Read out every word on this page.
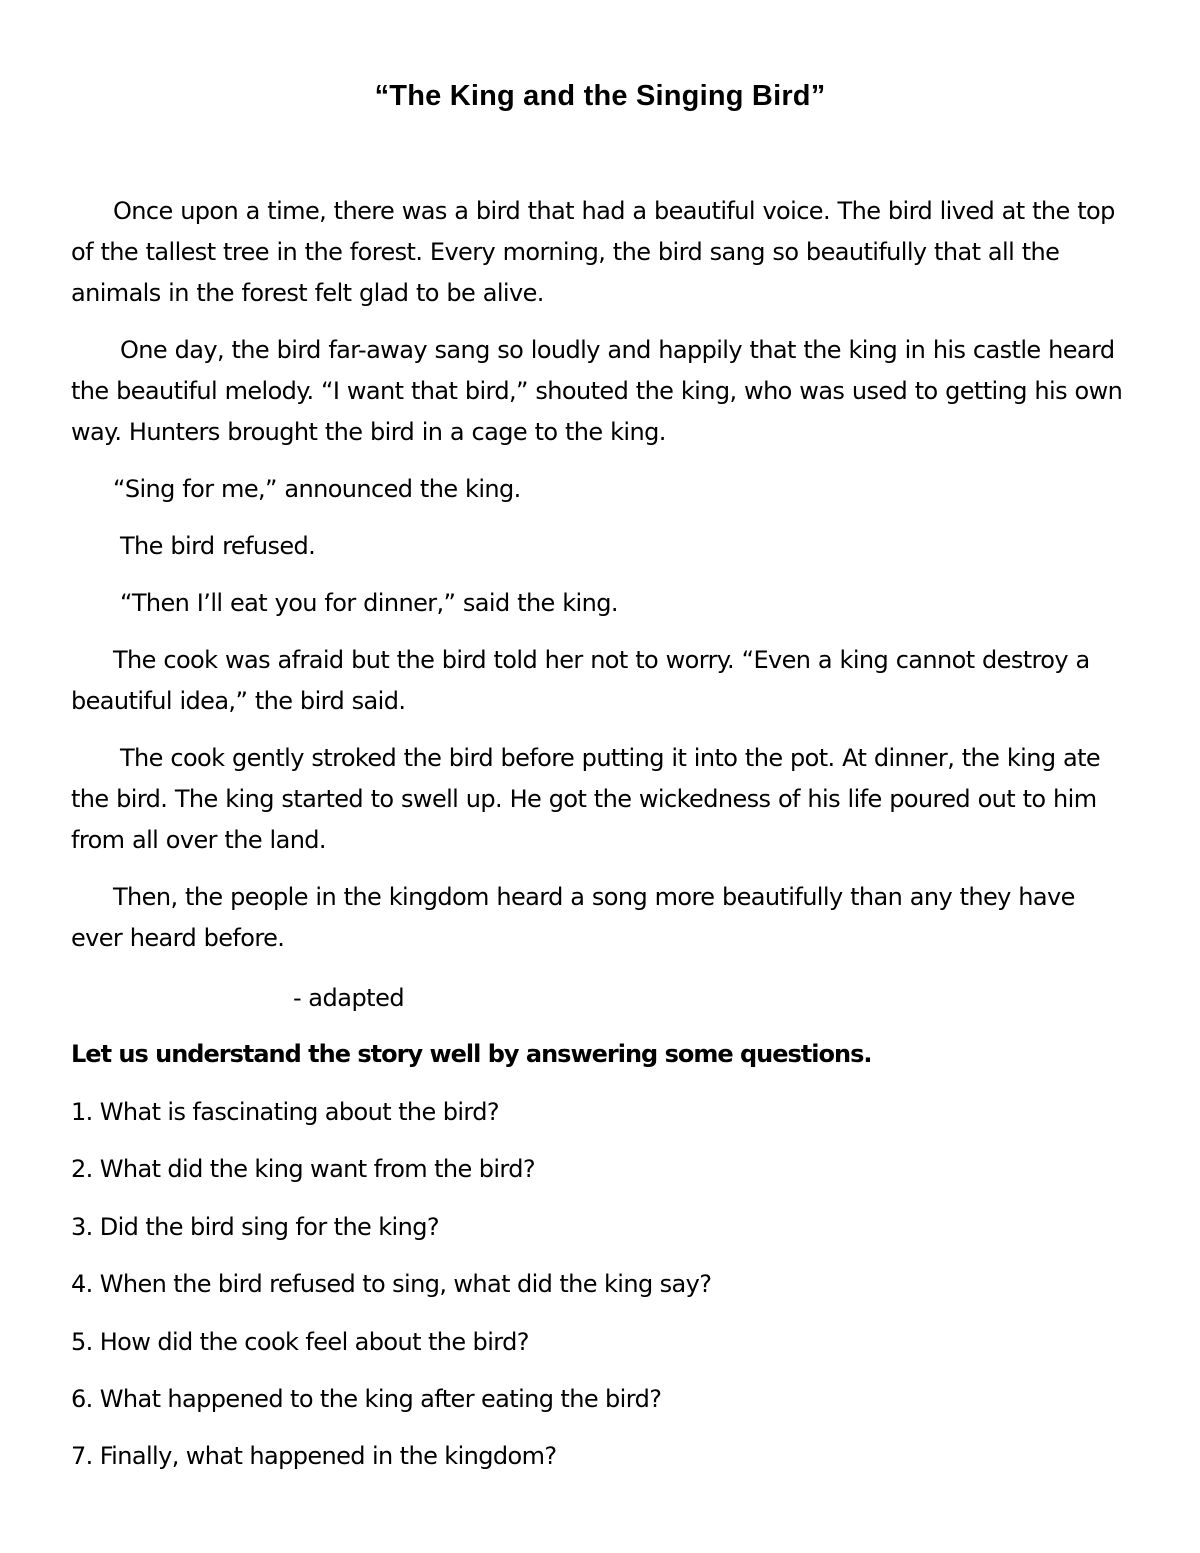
“The King and the Singing Bird”

Once upon a time, there was a bird that had a beautiful voice. The bird lived at the top of the tallest tree in the forest. Every morning, the bird sang so beautifully that all the animals in the forest felt glad to be alive.

One day, the bird far-away sang so loudly and happily that the king in his castle heard the beautiful melody. “I want that bird,” shouted the king, who was used to getting his own way. Hunters brought the bird in a cage to the king.

“Sing for me,” announced the king.

The bird refused.

“Then I’ll eat you for dinner,” said the king.

The cook was afraid but the bird told her not to worry. “Even a king cannot destroy a beautiful idea,” the bird said.

The cook gently stroked the bird before putting it into the pot. At dinner, the king ate the bird. The king started to swell up. He got the wickedness of his life poured out to him from all over the land.

Then, the people in the kingdom heard a song more beautifully than any they have ever heard before.

- adapted

Let us understand the story well by answering some questions.

1. What is fascinating about the bird?
2. What did the king want from the bird?
3. Did the bird sing for the king?
4. When the bird refused to sing, what did the king say?
5. How did the cook feel about the bird?
6. What happened to the king after eating the bird?
7. Finally, what happened in the kingdom?
